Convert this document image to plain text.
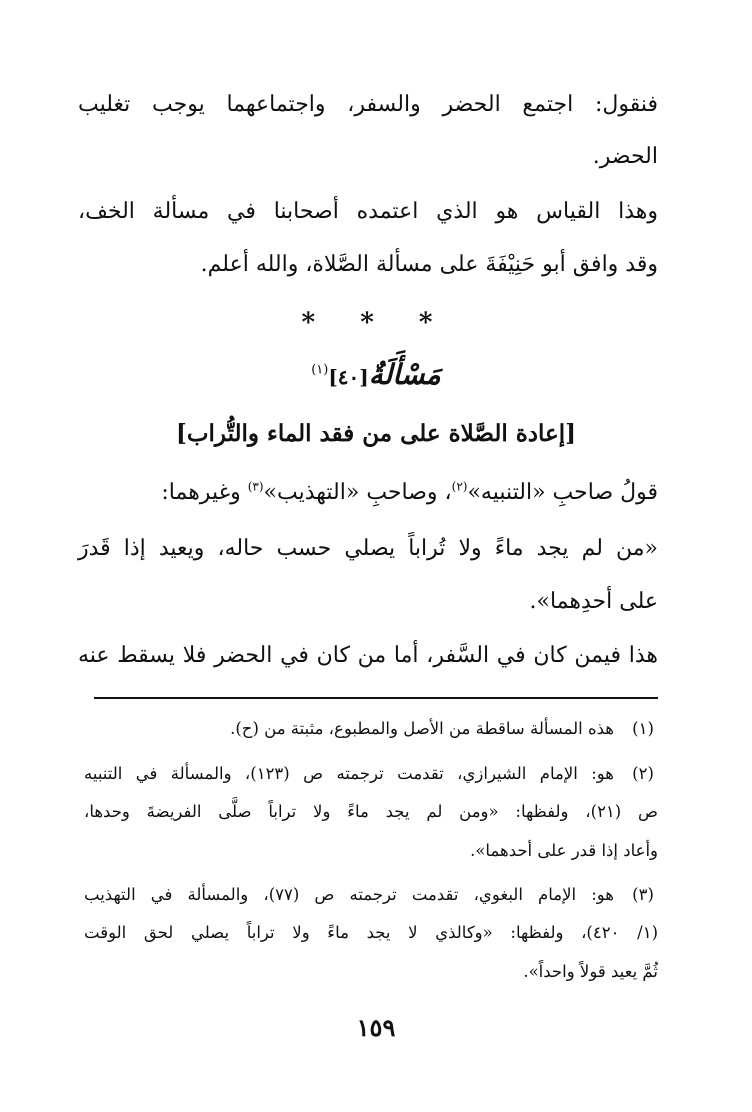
فنقول: اجتمع الحضر والسفر، واجتماعهما يوجب تغليب
الحضر.
وهذا القياس هو الذي اعتمده أصحابنا في مسألة الخف،
وقد وافق أبو حَنِيْفَةَ على مسألة الصَّلاة، والله أعلم.
* * *
مَسْأَلَةٌ[٤٠]$^{(١)}$
[إعادة الصَّلاة على من فقد الماء والتُّراب]
قولُ صاحبِ «التنبيه»$^{(٢)}$، وصاحبِ «التهذيب»$^{(٣)}$ وغيرهما:
«من لم يجد ماءً ولا تُراباً يصلي حسب حاله، ويعيد إذا قَدرَ
على أحدِهما».
هذا فيمن كان في السَّفر، أما من كان في الحضر فلا يسقط عنه
(١)
هذه المسألة ساقطة من الأصل والمطبوع، مثبتة من (ح).
(٢)
هو: الإمام الشيرازي، تقدمت ترجمته ص (١٢٣)، والمسألة في التنبيه
ص (٢١)، ولفظها: «ومن لم يجد ماءً ولا تراباً صلَّى الفريضةَ وحدها،
وأعاد إذا قدر على أحدهما».
(٣)
هو: الإمام البغوي، تقدمت ترجمته ص (٧٧)، والمسألة في التهذيب
(١/ ٤٢٠)، ولفظها: «وكالذي لا يجد ماءً ولا تراباً يصلي لحق الوقت
ثُمَّ يعيد قولاً واحداً».
١٥٩
